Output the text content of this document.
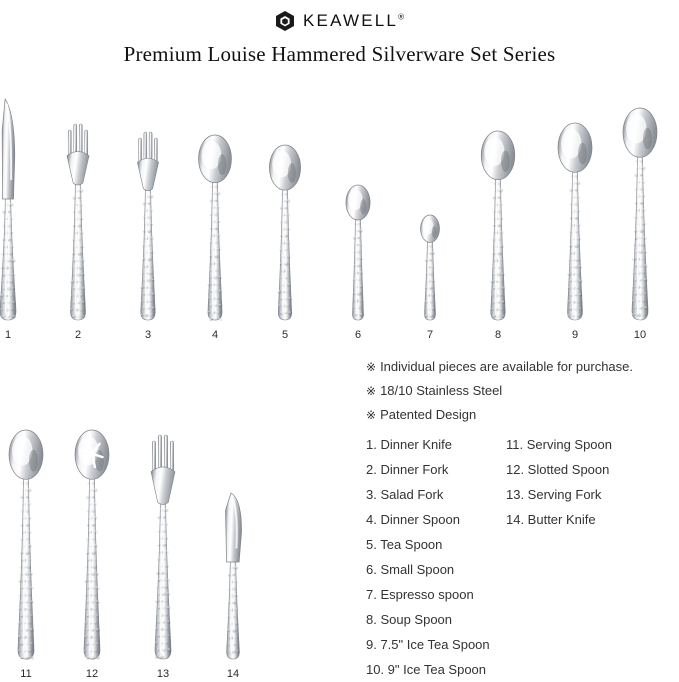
KEAWELL®
Premium Louise Hammered Silverware Set Series
1	2	3	4	5	6	7	8	9	10
11	12	13	14
※ Individual pieces are available for purchase.
※ 18/10 Stainless Steel
※ Patented Design
1. Dinner Knife
2. Dinner Fork
3. Salad Fork
4. Dinner Spoon
5. Tea Spoon
6. Small Spoon
7. Espresso spoon
8. Soup Spoon
9. 7.5" Ice Tea Spoon
10. 9" Ice Tea Spoon
11. Serving Spoon
12. Slotted Spoon
13. Serving Fork
14. Butter Knife
